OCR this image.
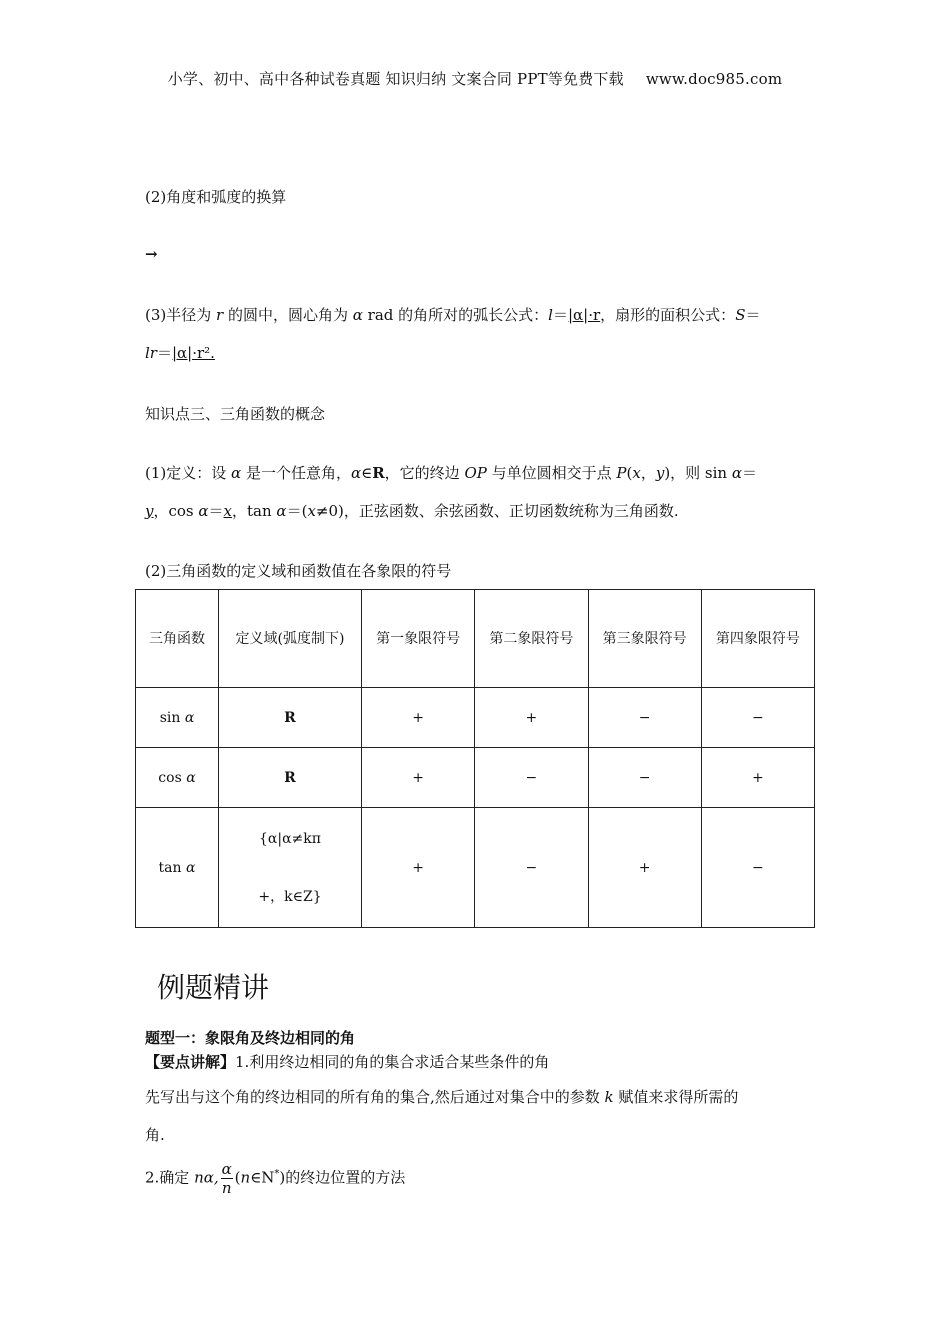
小学、初中、高中各种试卷真题 知识归纳 文案合同 PPT等免费下载 www.doc985.com
(2)角度和弧度的换算
→
(3)半径为 r 的圆中，圆心角为 α rad 的角所对的弧长公式：l＝|α|·r，扇形的面积公式：S＝
lr＝|α|·r².
知识点三、三角函数的概念
(1)定义：设 α 是一个任意角，α∈R，它的终边 OP 与单位圆相交于点 P(x，y)，则 sin α＝
y，cos α＝x，tan α＝(x≠0)，正弦函数、余弦函数、正切函数统称为三角函数.
(2)三角函数的定义域和函数值在各象限的符号
三角函数	定义域(弧度制下)	第一象限符号	第二象限符号	第三象限符号	第四象限符号
sin α	R	+	+	−	−
cos α	R	+	−	−	+
tan α	{α|α≠kπ
+，k∈Z}	+	−	+	−
例题精讲
题型一：象限角及终边相同的角
【要点讲解】1.利用终边相同的角的集合求适合某些条件的角
先写出与这个角的终边相同的所有角的集合,然后通过对集合中的参数 k 赋值来求得所需的
角.
2.确定 nα, $\frac{\alpha}{n}$ (n∈N*)的终边位置的方法
